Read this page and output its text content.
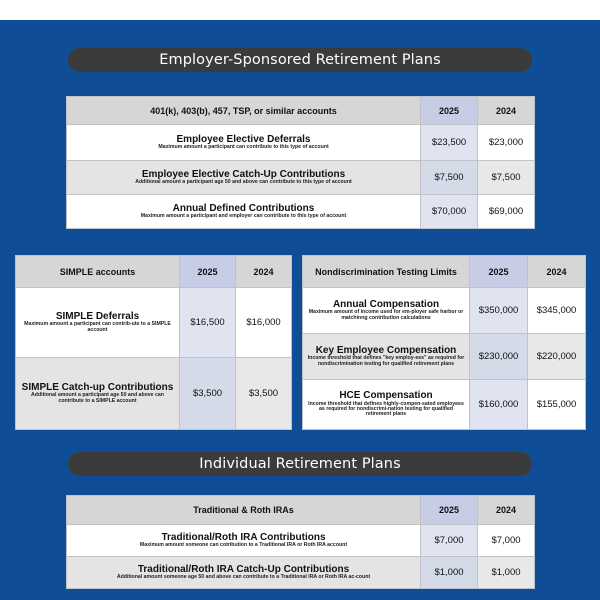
Employer-Sponsored Retirement Plans
401(k), 403(b), 457, TSP, or similar accounts	2025	2024

Employee Elective Deferrals
Maximum amount a participant can contribute to this type of account	$23,500	$23,000

Employee Elective Catch-Up Contributions
Additional amount a participant age 50 and above can contribute to this type of account	$7,500	$7,500

Annual Defined Contributions
Maximum amount a participant and employer can contribute to this type of account	$70,000	$69,000
SIMPLE accounts	2025	2024

SIMPLE Deferrals
Maximum amount a participant can contrib-ute to a SIMPLE account	$16,500	$16,000

SIMPLE Catch-up Contributions
Additional amount a participant age 50 and above can contribute to a SIMPLE account	$3,500	$3,500
Nondiscrimination Testing Limits	2025	2024

Annual Compensation
Maximum amount of income used for em-ployer safe harbor or matchinng contribution calculations	$350,000	$345,000

Key Employee Compensation
Income threshold that defines "key employ-ees" as required for nondiscrimination testing for qualified retirement plans	$230,000	$220,000

HCE Compensation
Income threshold that defines highly-compen-sated employees as required for nondiscrimi-nation testing for qualified retirement plans	$160,000	$155,000
Individual Retirement Plans
Traditional & Roth IRAs	2025	2024

Traditional/Roth IRA Contributions
Maximum amount someone can cotribution to a Traditional IRA or Roth IRA account	$7,000	$7,000

Traditional/Roth IRA Catch-Up Contributions
Additional amount someone age 50 and above can contribute to a Traditional IRA or Roth IRA ac-count	$1,000	$1,000
